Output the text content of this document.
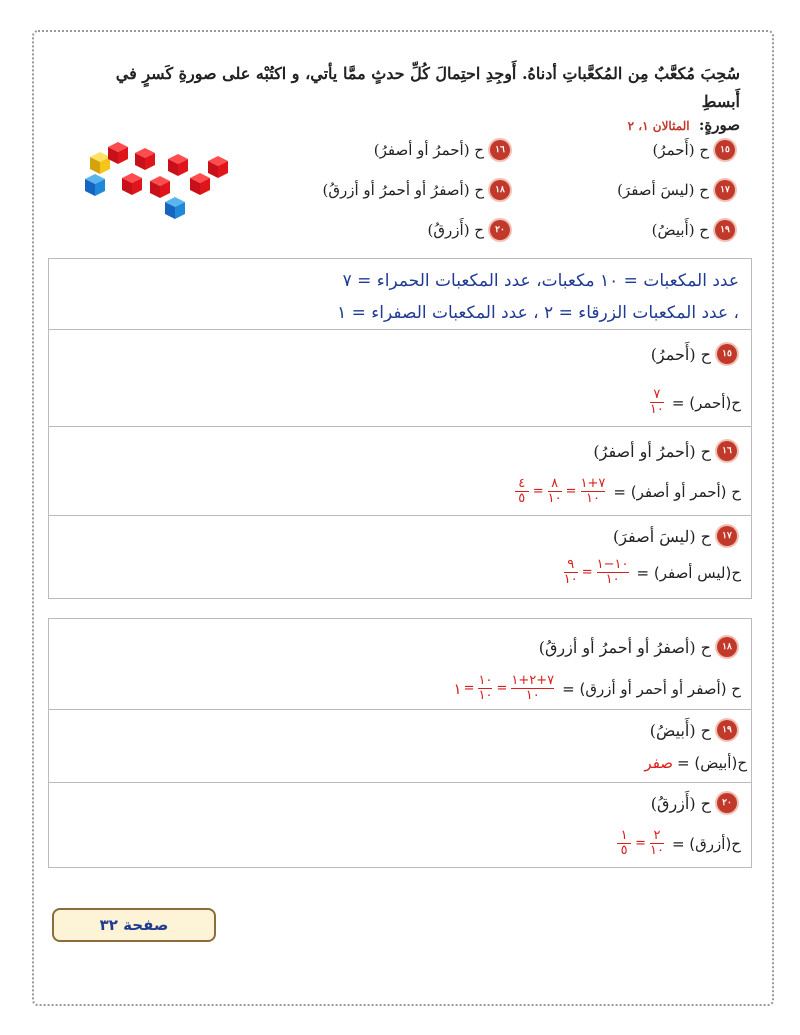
سُحِبَ مُكعَّبٌ مِن المُكعَّباتِ أدناهُ. أَوجِدِ احتِمالَ كُلِّ حدثٍ ممَّا يأتي، و اكتُبْه على صورةِ كَسرٍ في أَبسطِ
صورةٍ: المثالان ١، ٢
١٥
ح (أَحمرُ)
١٦
ح (أحمرُ أو أصفرُ)
١٧
ح (ليسَ أصفرَ)
١٨
ح (أصفرُ أو أحمرُ أو أزرقُ)
١٩
ح (أَبيضُ)
٢٠
ح (أَزرقُ)
عدد المكعبات = ١٠ مكعبات، عدد المكعبات الحمراء = ٧
، عدد المكعبات الزرقاء = ٢ ، عدد المكعبات الصفراء = ١
١٥
ح (أَحمرُ)
ح(أحمر) =
$\frac{٧}{١٠}$
١٦
ح (أحمرُ أو أصفرُ)
ح (أحمر أو أصفر) =
$\frac{٧+١}{١٠}$
=
$\frac{٨}{١٠}$
=
$\frac{٤}{٥}$
١٧
ح (ليسَ أصفرَ)
ح(ليس أصفر) =
$\frac{١٠-١}{١٠}$
=
$\frac{٩}{١٠}$
١٨
ح (أصفرُ أو أحمرُ أو أزرقُ)
ح (أصفر أو أحمر أو أزرق) =
$\frac{٧+٢+١}{١٠}$
=
$\frac{١٠}{١٠}$
=
١
١٩
ح (أَبيضُ)
ح(أبيض) =
صفر
٢٠
ح (أَزرقُ)
ح(أزرق) =
$\frac{٢}{١٠}$
=
$\frac{١}{٥}$
صفحة ٣٢
